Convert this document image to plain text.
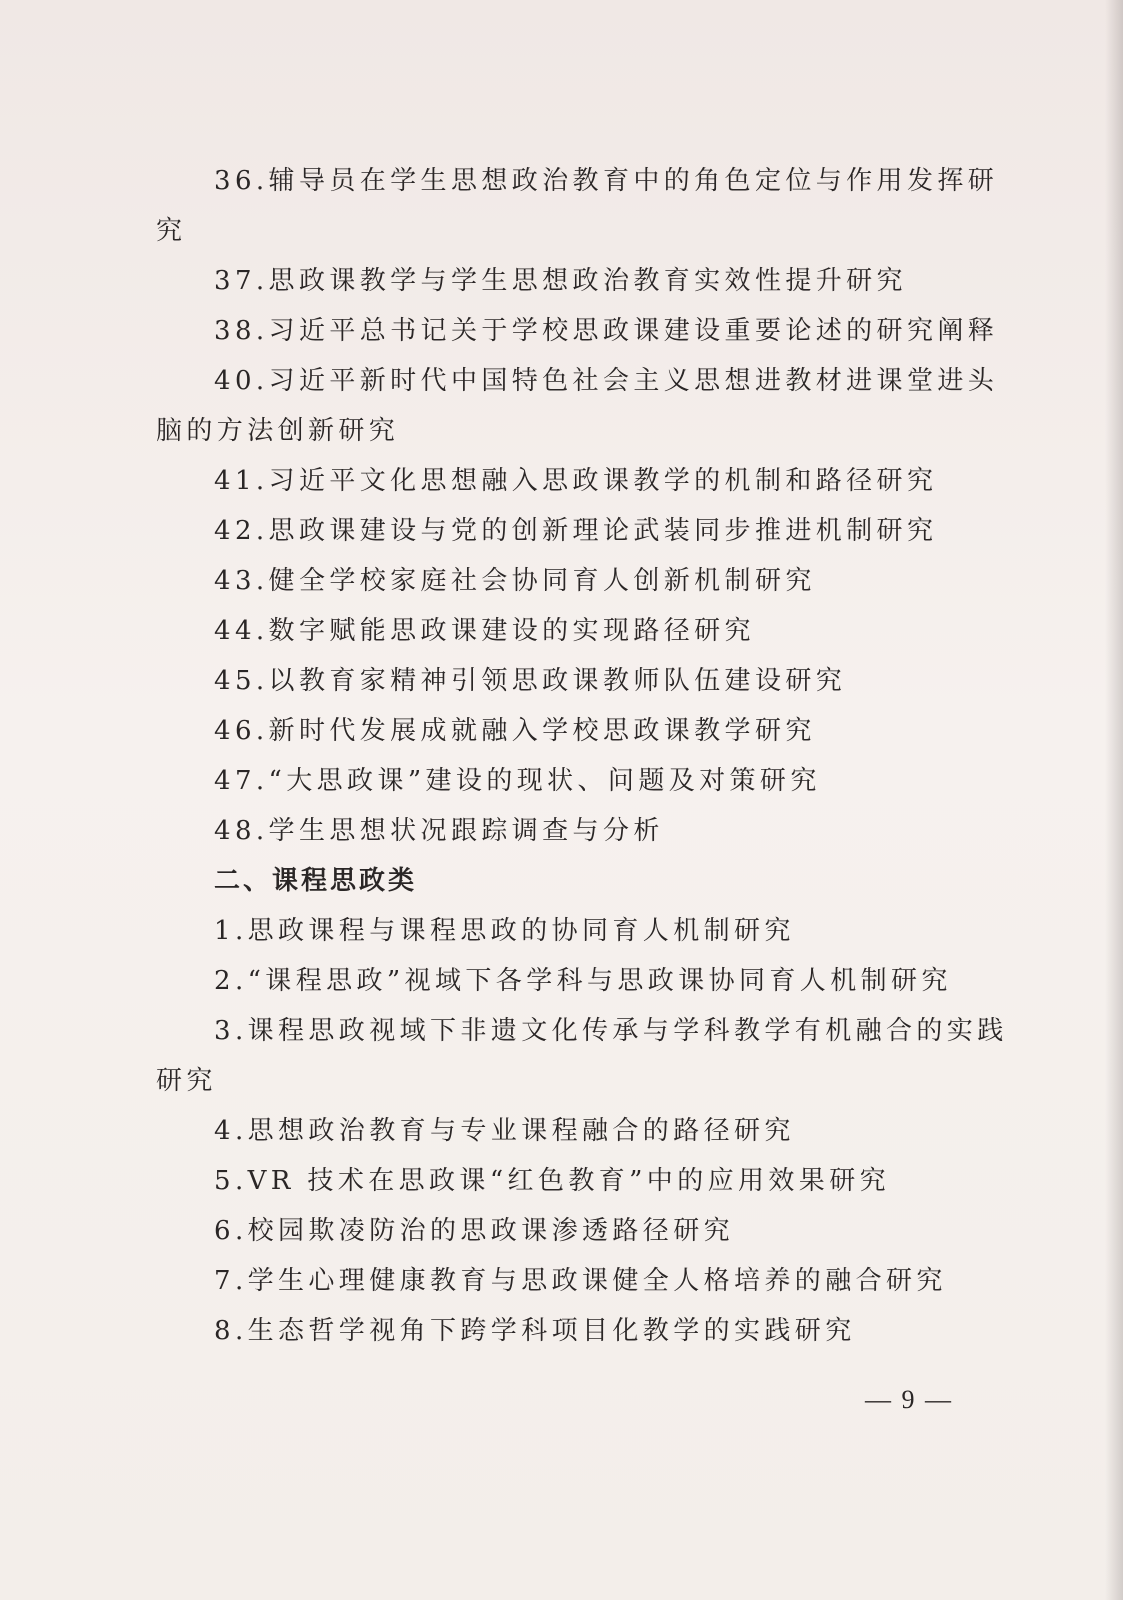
36.辅导员在学生思想政治教育中的角色定位与作用发挥研
究
37.思政课教学与学生思想政治教育实效性提升研究
38.习近平总书记关于学校思政课建设重要论述的研究阐释
40.习近平新时代中国特色社会主义思想进教材进课堂进头
脑的方法创新研究
41.习近平文化思想融入思政课教学的机制和路径研究
42.思政课建设与党的创新理论武装同步推进机制研究
43.健全学校家庭社会协同育人创新机制研究
44.数字赋能思政课建设的实现路径研究
45.以教育家精神引领思政课教师队伍建设研究
46.新时代发展成就融入学校思政课教学研究
47.“大思政课”建设的现状、问题及对策研究
48.学生思想状况跟踪调查与分析
二、课程思政类
1.思政课程与课程思政的协同育人机制研究
2.“课程思政”视域下各学科与思政课协同育人机制研究
3.课程思政视域下非遗文化传承与学科教学有机融合的实践
研究
4.思想政治教育与专业课程融合的路径研究
5.VR 技术在思政课“红色教育”中的应用效果研究
6.校园欺凌防治的思政课渗透路径研究
7.学生心理健康教育与思政课健全人格培养的融合研究
8.生态哲学视角下跨学科项目化教学的实践研究
— 9 —
